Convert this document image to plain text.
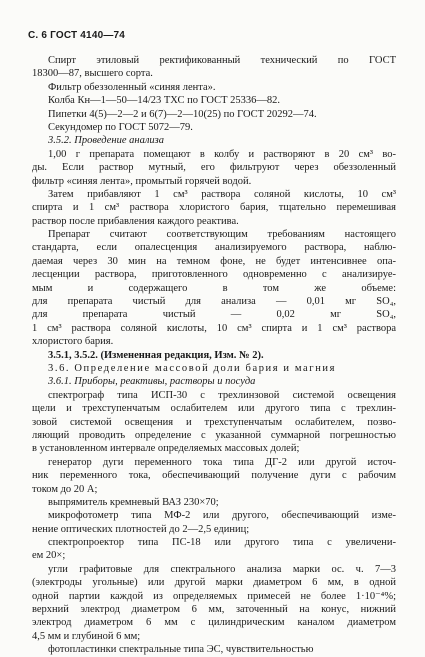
С. 6 ГОСТ 4140—74
Спирт этиловый ректификованный технический по ГОСТ
18300—87, высшего сорта.
Фильтр обеззоленный «синяя лента».
Колба Кн—1—50—14/23 ТХС по ГОСТ 25336—82.
Пипетки 4(5)—2—2 и 6(7)—2—10(25) по ГОСТ 20292—74.
Секундомер по ГОСТ 5072—79.
3.5.2. Проведение анализа
1,00 г препарата помещают в колбу и растворяют в 20 см³ во-
ды. Если раствор мутный, его фильтруют через обеззоленный
фильтр «синяя лента», промытый горячей водой.
Затем прибавляют 1 см³ раствора соляной кислоты, 10 см³
спирта и 1 см³ раствора хлористого бария, тщательно перемешивая
раствор после прибавления каждого реактива.
Препарат считают соответствующим требованиям настоящего
стандарта, если опалесценция анализируемого раствора, наблю-
даемая через 30 мин на темном фоне, не будет интенсивнее опа-
лесценции раствора, приготовленного одновременно с анализируе-
мым и содержащего в том же объеме:
для препарата чистый для анализа — 0,01 мг SO₄,
для препарата чистый — 0,02 мг SO₄,
1 см³ раствора соляной кислоты, 10 см³ спирта и 1 см³ раствора
хлористого бария.
3.5.1, 3.5.2. (Измененная редакция, Изм. № 2).
3.6. Определение массовой доли бария и магния
3.6.1. Приборы, реактивы, растворы и посуда
спектрограф типа ИСП-30 с трехлинзовой системой освещения
щели и трехступенчатым ослабителем или другого типа с трехлин-
зовой системой освещения и трехступенчатым ослабителем, позво-
ляющий проводить определение с указанной суммарной погрешностью
в установленном интервале определяемых массовых долей;
генератор дуги переменного тока типа ДГ-2 или другой источ-
ник переменного тока, обеспечивающий получение дуги с рабочим
током до 20 А;
выпрямитель кремневый ВАЗ 230×70;
микрофотометр типа МФ-2 или другого, обеспечивающий изме-
нение оптических плотностей до 2—2,5 единиц;
спектропроектор типа ПС-18 или другого типа с увеличени-
ем 20×;
угли графитовые для спектрального анализа марки ос. ч. 7—3
(электроды угольные) или другой марки диаметром 6 мм, в одной
одной партии каждой из определяемых примесей не более 1·10⁻⁴%;
верхний электрод диаметром 6 мм, заточенный на конус, нижний
электрод диаметром 6 мм с цилиндрическим каналом диаметром
4,5 мм и глубиной 6 мм;
фотопластинки спектральные типа ЭС, чувствительностью
